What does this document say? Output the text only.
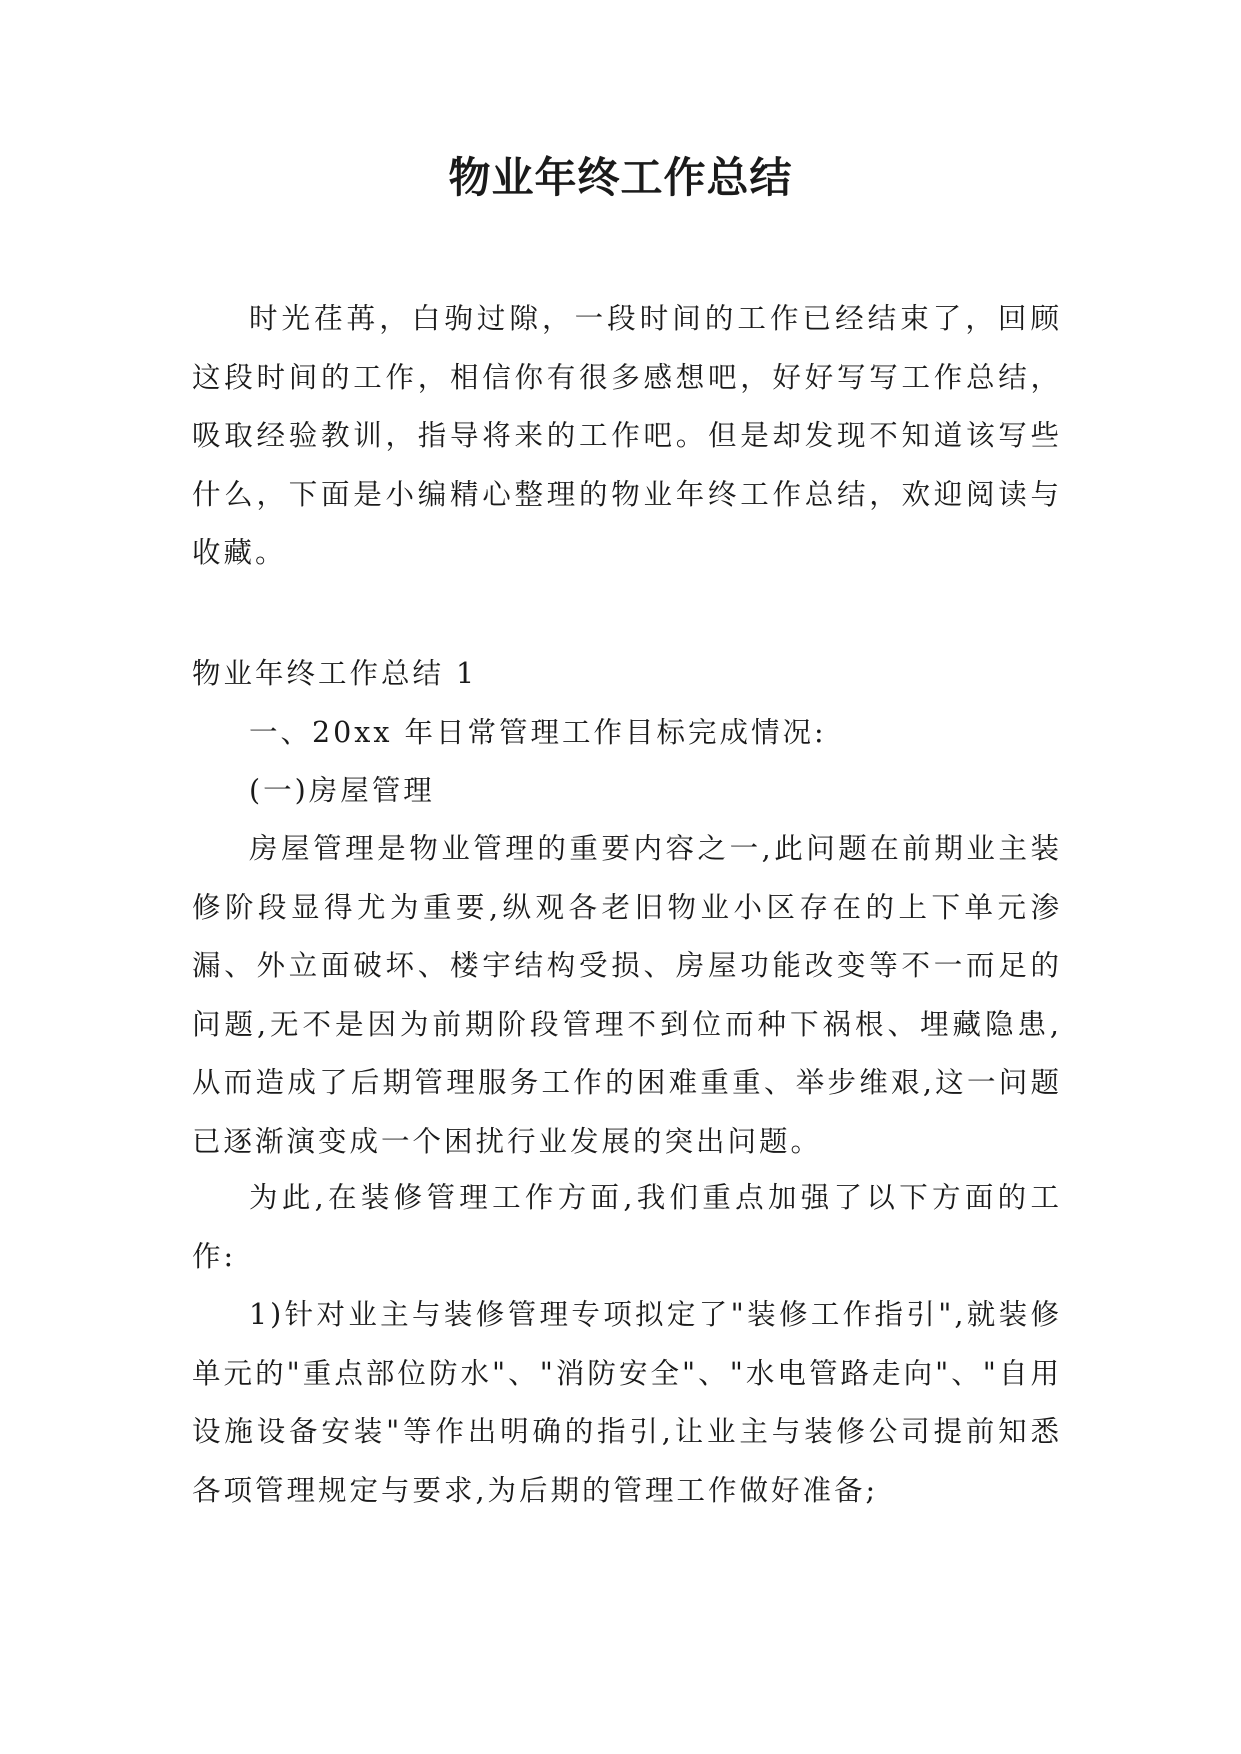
物业年终工作总结

时光荏苒，白驹过隙，一段时间的工作已经结束了，回顾这段时间的工作，相信你有很多感想吧，好好写写工作总结，吸取经验教训，指导将来的工作吧。但是却发现不知道该写些什么，下面是小编精心整理的物业年终工作总结，欢迎阅读与收藏。

物业年终工作总结 1

一、20xx 年日常管理工作目标完成情况:

(一)房屋管理

房屋管理是物业管理的重要内容之一,此问题在前期业主装修阶段显得尤为重要,纵观各老旧物业小区存在的上下单元渗漏、外立面破坏、楼宇结构受损、房屋功能改变等不一而足的问题,无不是因为前期阶段管理不到位而种下祸根、埋藏隐患,从而造成了后期管理服务工作的困难重重、举步维艰,这一问题已逐渐演变成一个困扰行业发展的突出问题。

为此,在装修管理工作方面,我们重点加强了以下方面的工作:

1)针对业主与装修管理专项拟定了"装修工作指引",就装修单元的"重点部位防水"、"消防安全"、"水电管路走向"、"自用设施设备安装"等作出明确的指引,让业主与装修公司提前知悉各项管理规定与要求,为后期的管理工作做好准备;
